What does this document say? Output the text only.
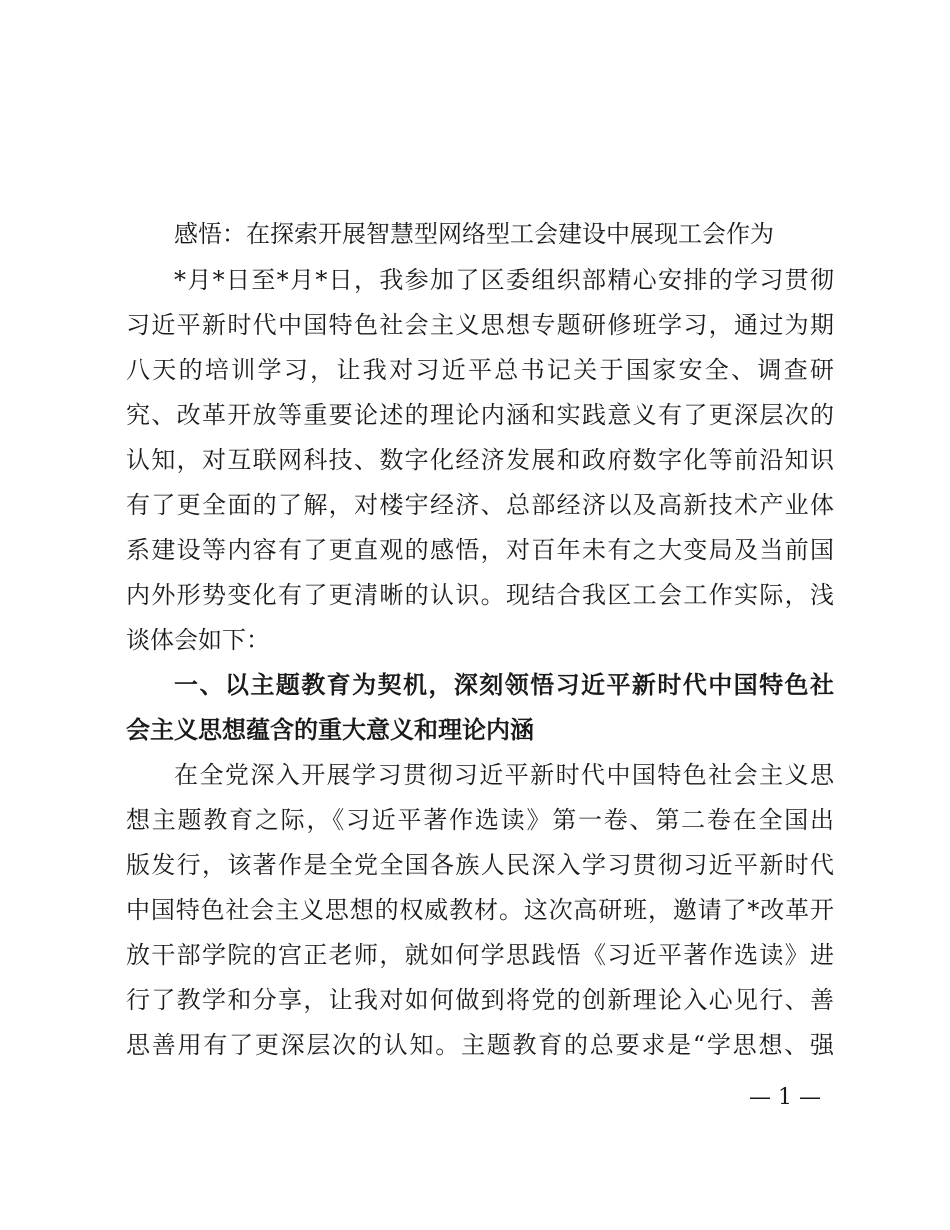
感悟：在探索开展智慧型网络型工会建设中展现工会作为
*月*日至*月*日，我参加了区委组织部精心安排的学习贯彻
习近平新时代中国特色社会主义思想专题研修班学习，通过为期
八天的培训学习，让我对习近平总书记关于国家安全、调查研
究、改革开放等重要论述的理论内涵和实践意义有了更深层次的
认知，对互联网科技、数字化经济发展和政府数字化等前沿知识
有了更全面的了解，对楼宇经济、总部经济以及高新技术产业体
系建设等内容有了更直观的感悟，对百年未有之大变局及当前国
内外形势变化有了更清晰的认识。现结合我区工会工作实际，浅
谈体会如下：
一、以主题教育为契机，深刻领悟习近平新时代中国特色社
会主义思想蕴含的重大意义和理论内涵
在全党深入开展学习贯彻习近平新时代中国特色社会主义思
想主题教育之际，《习近平著作选读》第一卷、第二卷在全国出
版发行，该著作是全党全国各族人民深入学习贯彻习近平新时代
中国特色社会主义思想的权威教材。这次高研班，邀请了*改革开
放干部学院的宫正老师，就如何学思践悟《习近平著作选读》进
行了教学和分享，让我对如何做到将党的创新理论入心见行、善
思善用有了更深层次的认知。主题教育的总要求是“学思想、强
— 1 —
